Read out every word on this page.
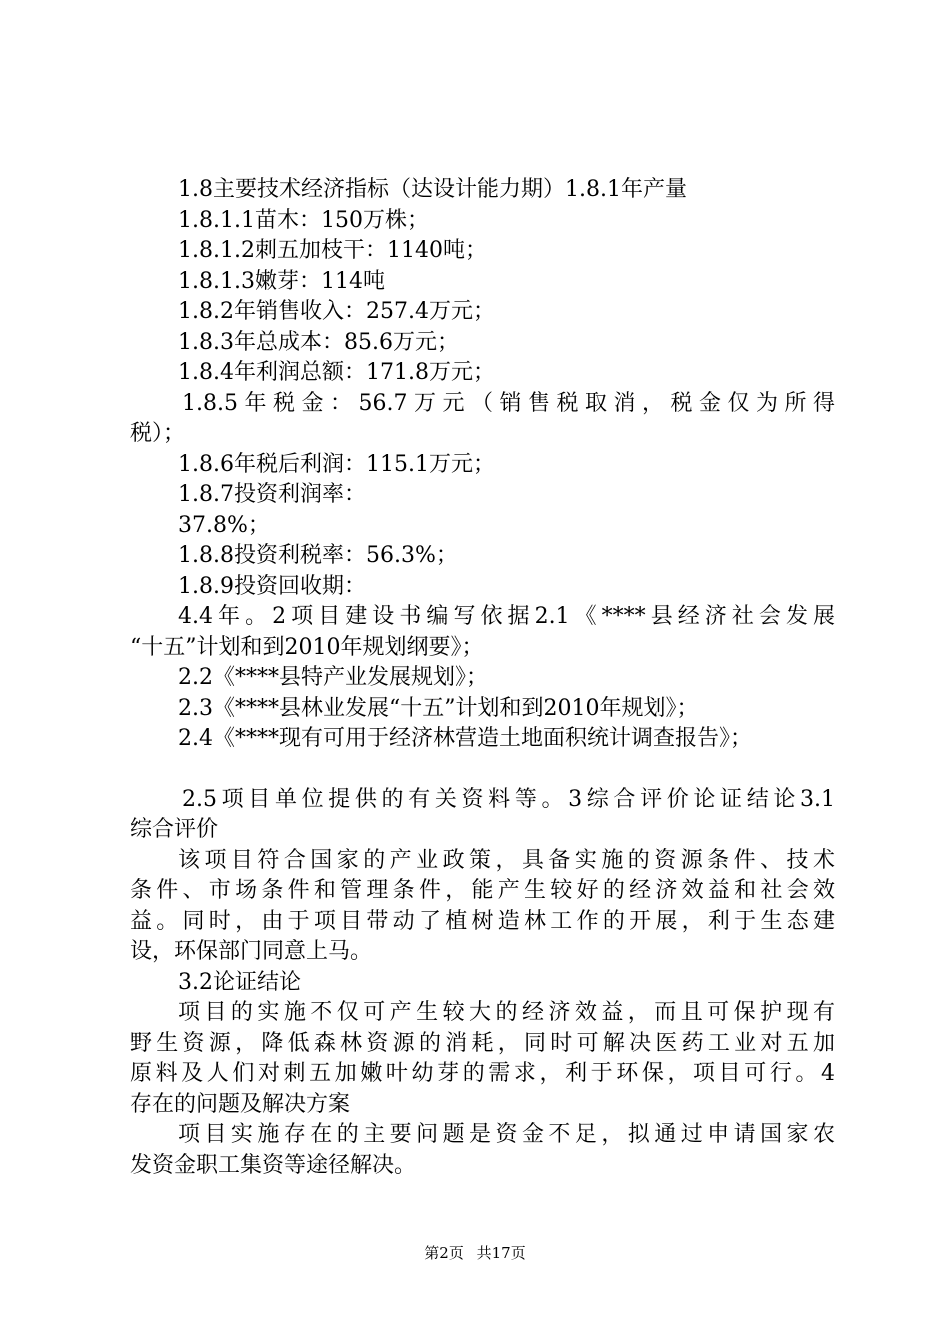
1.8主要技术经济指标（达设计能力期）1.8.1年产量
1.8.1.1苗木：150万株；
1.8.1.2刺五加枝干：1140吨；
1.8.1.3嫩芽：114吨
1.8.2年销售收入：257.4万元；
1.8.3年总成本：85.6万元；
1.8.4年利润总额：171.8万元；
1.8.5年税金：56.7万元（销售税取消，税金仅为所得
税）；
1.8.6年税后利润：115.1万元；
1.8.7投资利润率：
37.8%；
1.8.8投资利税率：56.3%；
1.8.9投资回收期：
4.4年。2项目建设书编写依据2.1《****县经济社会发展
“十五”计划和到2010年规划纲要》；
2.2《****县特产业发展规划》；
2.3《****县林业发展“十五”计划和到2010年规划》；
2.4《****现有可用于经济林营造土地面积统计调查报告》；
2.5项目单位提供的有关资料等。3综合评价论证结论3.1
综合评价
该项目符合国家的产业政策，具备实施的资源条件、技术
条件、市场条件和管理条件，能产生较好的经济效益和社会效
益。同时，由于项目带动了植树造林工作的开展，利于生态建
设，环保部门同意上马。
3.2论证结论
项目的实施不仅可产生较大的经济效益，而且可保护现有
野生资源，降低森林资源的消耗，同时可解决医药工业对五加
原料及人们对刺五加嫩叶幼芽的需求，利于环保，项目可行。4
存在的问题及解决方案
项目实施存在的主要问题是资金不足，拟通过申请国家农
发资金职工集资等途径解决。
第2页 共17页
